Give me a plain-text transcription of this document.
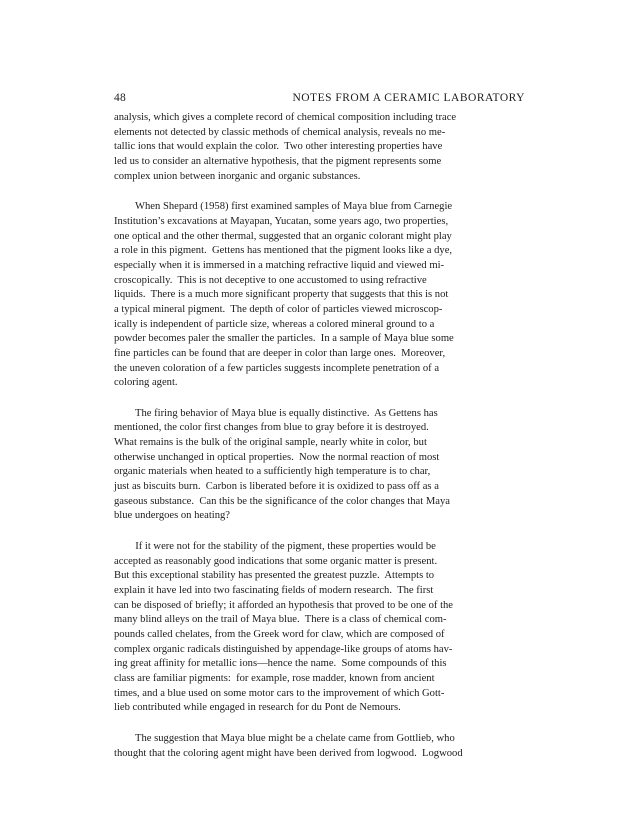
48	NOTES FROM A CERAMIC LABORATORY
analysis, which gives a complete record of chemical composition including trace
elements not detected by classic methods of chemical analysis, reveals no me-
tallic ions that would explain the color.  Two other interesting properties have
led us to consider an alternative hypothesis, that the pigment represents some
complex union between inorganic and organic substances.
When Shepard (1958) first examined samples of Maya blue from Carnegie
Institution’s excavations at Mayapan, Yucatan, some years ago, two properties,
one optical and the other thermal, suggested that an organic colorant might play
a role in this pigment.  Gettens has mentioned that the pigment looks like a dye,
especially when it is immersed in a matching refractive liquid and viewed mi-
croscopically.  This is not deceptive to one accustomed to using refractive
liquids.  There is a much more significant property that suggests that this is not
a typical mineral pigment.  The depth of color of particles viewed microscop-
ically is independent of particle size, whereas a colored mineral ground to a
powder becomes paler the smaller the particles.  In a sample of Maya blue some
fine particles can be found that are deeper in color than large ones.  Moreover,
the uneven coloration of a few particles suggests incomplete penetration of a
coloring agent.
The firing behavior of Maya blue is equally distinctive.  As Gettens has
mentioned, the color first changes from blue to gray before it is destroyed.
What remains is the bulk of the original sample, nearly white in color, but
otherwise unchanged in optical properties.  Now the normal reaction of most
organic materials when heated to a sufficiently high temperature is to char,
just as biscuits burn.  Carbon is liberated before it is oxidized to pass off as a
gaseous substance.  Can this be the significance of the color changes that Maya
blue undergoes on heating?
If it were not for the stability of the pigment, these properties would be
accepted as reasonably good indications that some organic matter is present.
But this exceptional stability has presented the greatest puzzle.  Attempts to
explain it have led into two fascinating fields of modern research.  The first
can be disposed of briefly; it afforded an hypothesis that proved to be one of the
many blind alleys on the trail of Maya blue.  There is a class of chemical com-
pounds called chelates, from the Greek word for claw, which are composed of
complex organic radicals distinguished by appendage-like groups of atoms hav-
ing great affinity for metallic ions—hence the name.  Some compounds of this
class are familiar pigments:  for example, rose madder, known from ancient
times, and a blue used on some motor cars to the improvement of which Gott-
lieb contributed while engaged in research for du Pont de Nemours.
The suggestion that Maya blue might be a chelate came from Gottlieb, who
thought that the coloring agent might have been derived from logwood.  Logwood
